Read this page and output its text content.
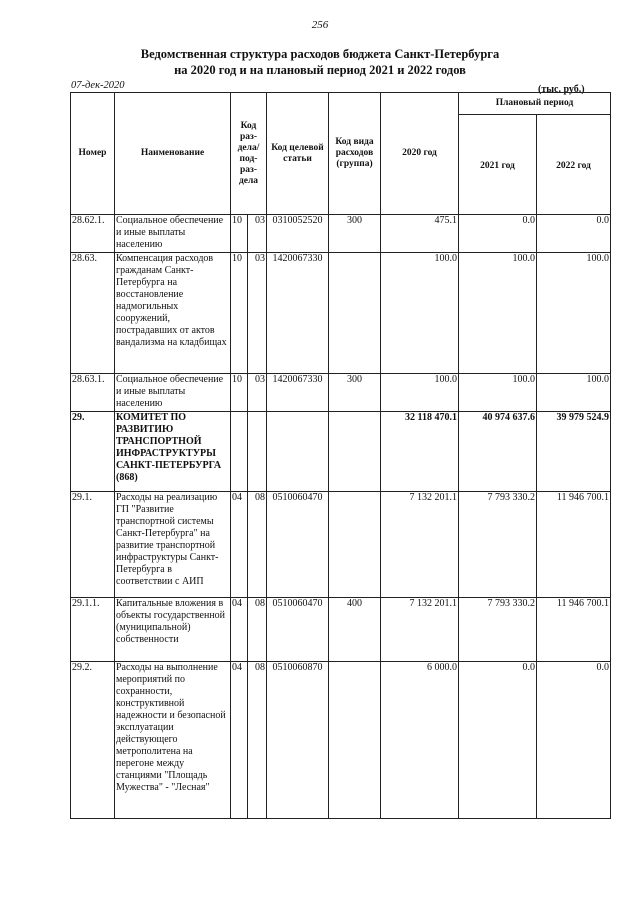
256
Ведомственная структура расходов бюджета Санкт-Петербурга
на 2020 год и на плановый период 2021 и 2022 годов
07-дек-2020	(тыс. руб.)
Номер	Наименование	Код раз- дела/ под- раз- дела		Код целевой статьи	Код вида расходов (группа)	2020 год	Плановый период	
							2021 год	2022 год
28.62.1.	Социальное обеспечение и иные выплаты населению	10	03	0310052520	300	475.1	0.0	0.0
28.63.	Компенсация расходов гражданам Санкт-Петербурга на восстановление надмогильных сооружений, пострадавших от актов вандализма на кладбищах	10	03	1420067330		100.0	100.0	100.0
28.63.1.	Социальное обеспечение и иные выплаты населению	10	03	1420067330	300	100.0	100.0	100.0
29.	КОМИТЕТ ПО РАЗВИТИЮ ТРАНСПОРТНОЙ ИНФРАСТРУКТУРЫ САНКТ-ПЕТЕРБУРГА (868)					32 118 470.1	40 974 637.6	39 979 524.9
29.1.	Расходы на реализацию ГП "Развитие транспортной системы Санкт-Петербурга" на развитие транспортной инфраструктуры Санкт-Петербурга в соответствии с АИП	04	08	0510060470		7 132 201.1	7 793 330.2	11 946 700.1
29.1.1.	Капитальные вложения в объекты государственной (муниципальной) собственности	04	08	0510060470	400	7 132 201.1	7 793 330.2	11 946 700.1
29.2.	Расходы на выполнение мероприятий по сохранности, конструктивной надежности и безопасной эксплуатации действующего метрополитена на перегоне между станциями "Площадь Мужества" - "Лесная"	04	08	0510060870		6 000.0	0.0	0.0
